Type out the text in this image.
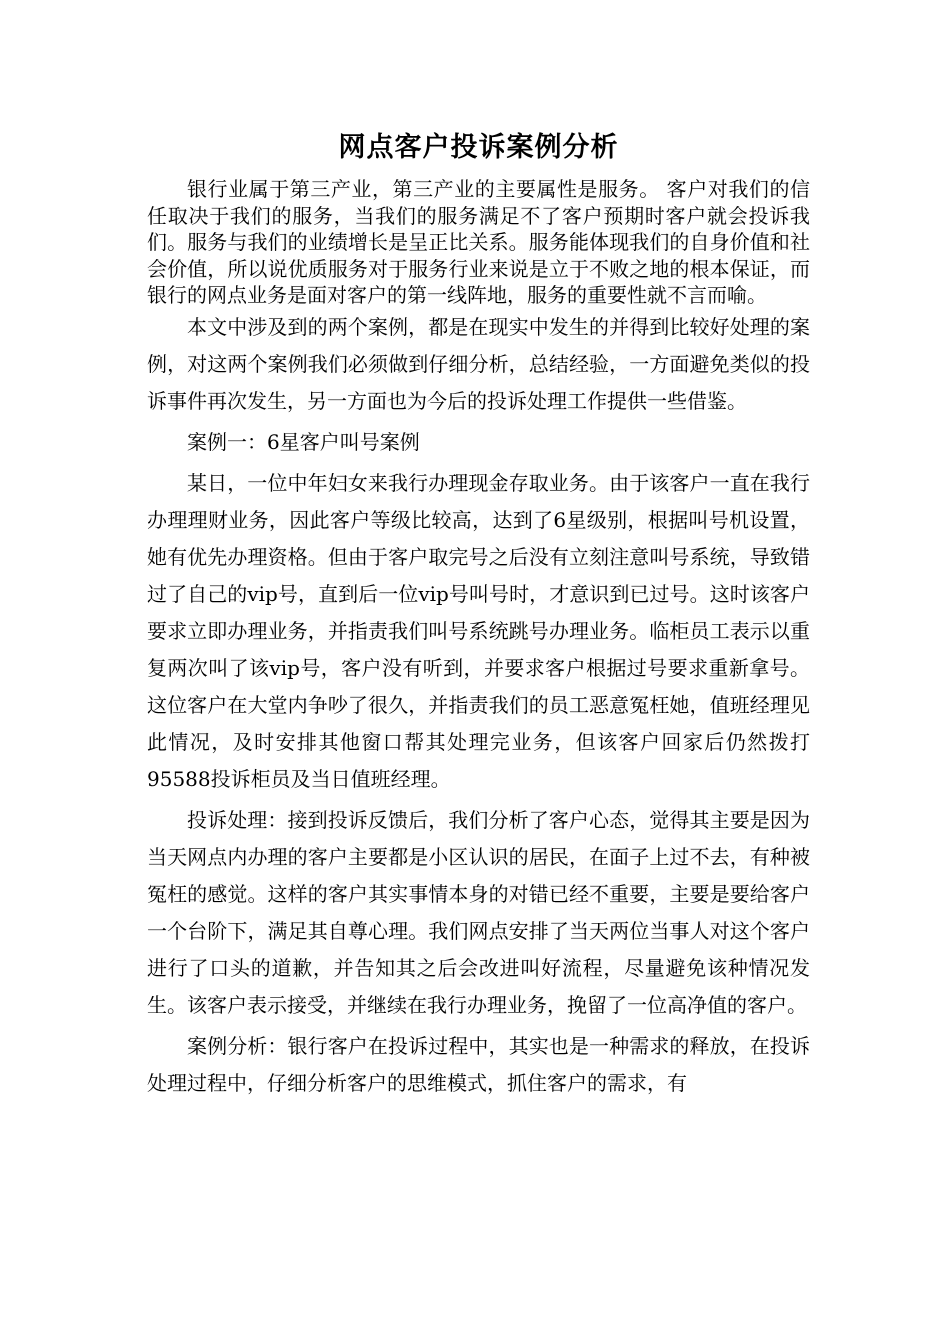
网点客户投诉案例分析

银行业属于第三产业，第三产业的主要属性是服务。 客户对我们的信任取决于我们的服务，当我们的服务满足不了客户预期时客户就会投诉我们。服务与我们的业绩增长是呈正比关系。服务能体现我们的自身价值和社会价值，所以说优质服务对于服务行业来说是立于不败之地的根本保证，而银行的网点业务是面对客户的第一线阵地，服务的重要性就不言而喻。

本文中涉及到的两个案例，都是在现实中发生的并得到比较好处理的案例，对这两个案例我们必须做到仔细分析，总结经验，一方面避免类似的投诉事件再次发生，另一方面也为今后的投诉处理工作提供一些借鉴。

案例一：6星客户叫号案例

某日，一位中年妇女来我行办理现金存取业务。由于该客户一直在我行办理理财业务，因此客户等级比较高，达到了6星级别，根据叫号机设置，她有优先办理资格。但由于客户取完号之后没有立刻注意叫号系统，导致错过了自己的vip号，直到后一位vip号叫号时，才意识到已过号。这时该客户要求立即办理业务，并指责我们叫号系统跳号办理业务。临柜员工表示以重复两次叫了该vip号，客户没有听到，并要求客户根据过号要求重新拿号。这位客户在大堂内争吵了很久，并指责我们的员工恶意冤枉她，值班经理见此情况，及时安排其他窗口帮其处理完业务，但该客户回家后仍然拨打95588投诉柜员及当日值班经理。

投诉处理：接到投诉反馈后，我们分析了客户心态，觉得其主要是因为当天网点内办理的客户主要都是小区认识的居民，在面子上过不去，有种被冤枉的感觉。这样的客户其实事情本身的对错已经不重要，主要是要给客户一个台阶下，满足其自尊心理。我们网点安排了当天两位当事人对这个客户进行了口头的道歉，并告知其之后会改进叫好流程，尽量避免该种情况发生。该客户表示接受，并继续在我行办理业务，挽留了一位高净值的客户。

案例分析：银行客户在投诉过程中，其实也是一种需求的释放，在投诉处理过程中，仔细分析客户的思维模式，抓住客户的需求，有
